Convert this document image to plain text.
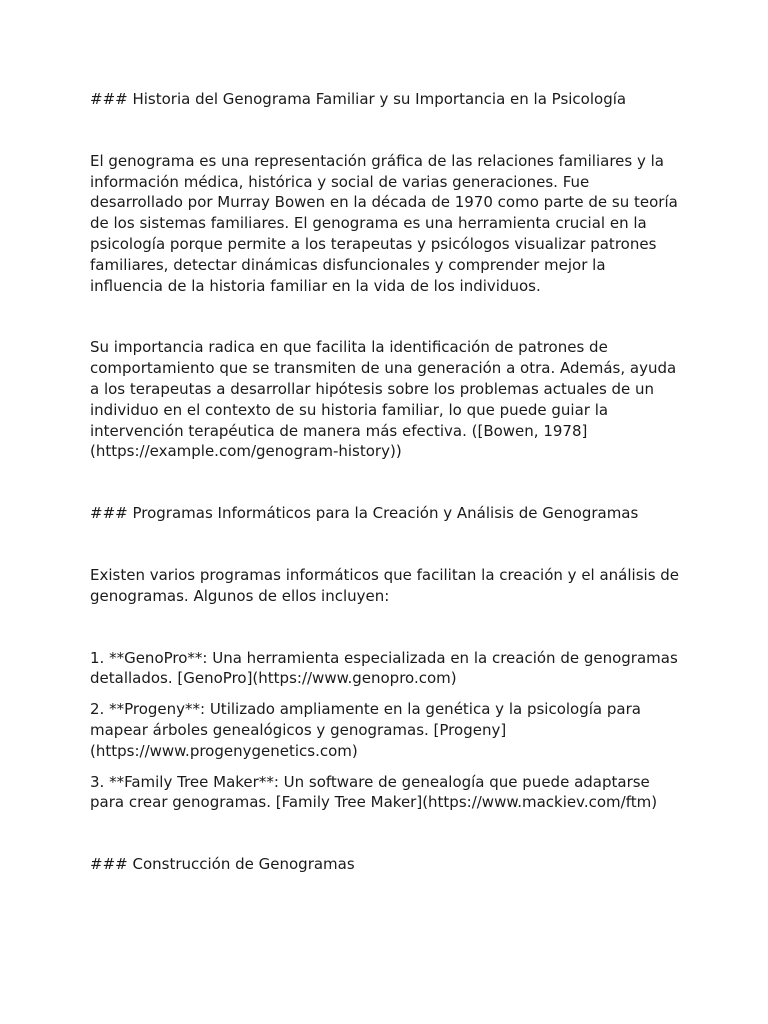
### Historia del Genograma Familiar y su Importancia en la Psicología

El genograma es una representación gráfica de las relaciones familiares y la información médica, histórica y social de varias generaciones. Fue desarrollado por Murray Bowen en la década de 1970 como parte de su teoría de los sistemas familiares. El genograma es una herramienta crucial en la psicología porque permite a los terapeutas y psicólogos visualizar patrones familiares, detectar dinámicas disfuncionales y comprender mejor la influencia de la historia familiar en la vida de los individuos.

Su importancia radica en que facilita la identificación de patrones de comportamiento que se transmiten de una generación a otra. Además, ayuda a los terapeutas a desarrollar hipótesis sobre los problemas actuales de un individuo en el contexto de su historia familiar, lo que puede guiar la intervención terapéutica de manera más efectiva. ([Bowen, 1978](https://example.com/genogram-history))

### Programas Informáticos para la Creación y Análisis de Genogramas

Existen varios programas informáticos que facilitan la creación y el análisis de genogramas. Algunos de ellos incluyen:

1. **GenoPro**: Una herramienta especializada en la creación de genogramas detallados. [GenoPro](https://www.genopro.com)

2. **Progeny**: Utilizado ampliamente en la genética y la psicología para mapear árboles genealógicos y genogramas. [Progeny](https://www.progenygenetics.com)

3. **Family Tree Maker**: Un software de genealogía que puede adaptarse para crear genogramas. [Family Tree Maker](https://www.mackiev.com/ftm)

### Construcción de Genogramas
